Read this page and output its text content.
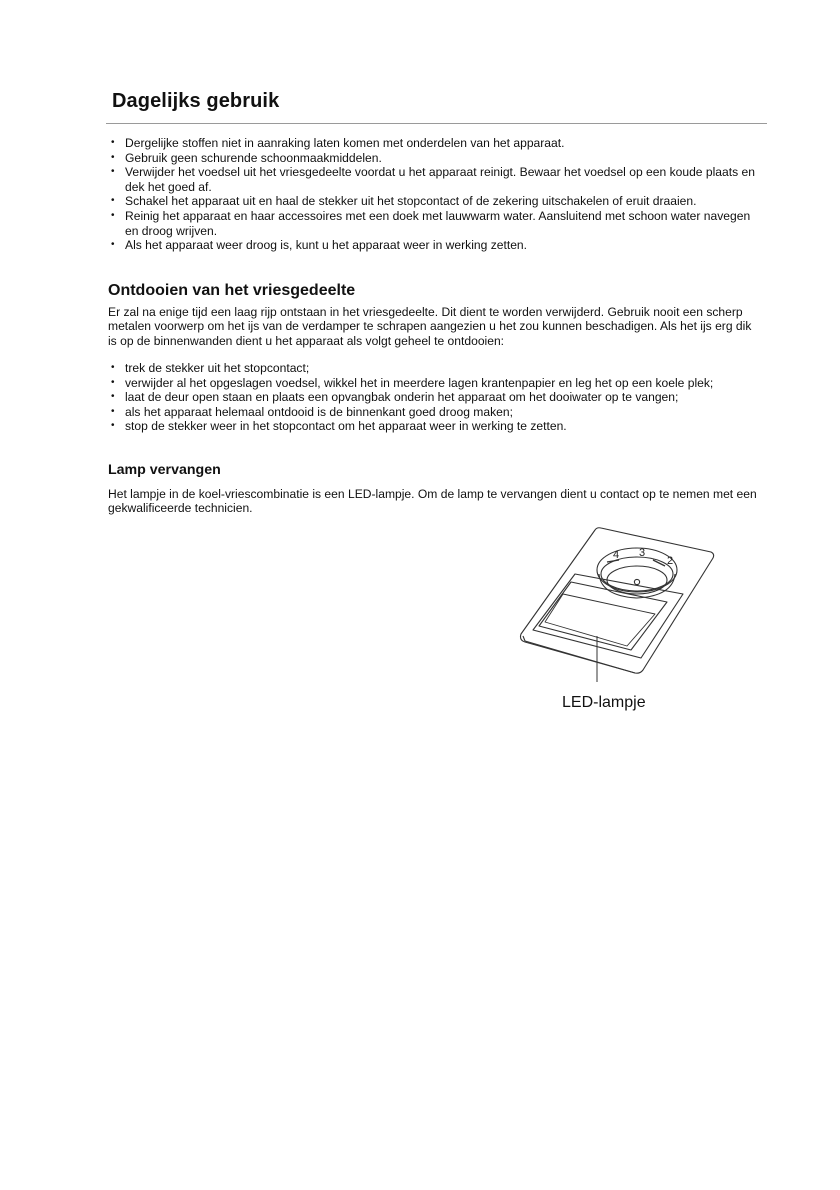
Dagelijks gebruik
• Dergelijke stoffen niet in aanraking laten komen met onderdelen van het apparaat.
• Gebruik geen schurende schoonmaakmiddelen.
• Verwijder het voedsel uit het vriesgedeelte voordat u het apparaat reinigt. Bewaar het voedsel op een koude plaats en dek het goed af.
• Schakel het apparaat uit en haal de stekker uit het stopcontact of de zekering uitschakelen of eruit draaien.
• Reinig het apparaat en haar accessoires met een doek met lauwwarm water. Aansluitend met schoon water navegen en droog wrijven.
• Als het apparaat weer droog is, kunt u het apparaat weer in werking zetten.
Ontdooien van het vriesgedeelte

Er zal na enige tijd een laag rijp ontstaan in het vriesgedeelte. Dit dient te worden verwijderd. Gebruik nooit een scherp metalen voorwerp om het ijs van de verdamper te schrapen aangezien u het zou kunnen beschadigen. Als het ijs erg dik is op de binnenwanden dient u het apparaat als volgt geheel te ontdooien:

• trek de stekker uit het stopcontact;
• verwijder al het opgeslagen voedsel, wikkel het in meerdere lagen krantenpapier en leg het op een koele plek;
• laat de deur open staan en plaats een opvangbak onderin het apparaat om het dooiwater op te vangen;
• als het apparaat helemaal ontdooid is de binnenkant goed droog maken;
• stop de stekker weer in het stopcontact om het apparaat weer in werking te zetten.
Lamp vervangen

Het lampje in de koel-vriescombinatie is een LED-lampje. Om de lamp te vervangen dient u contact op te nemen met een gekwalificeerde technicien.

4 3
2

LED-lampje
